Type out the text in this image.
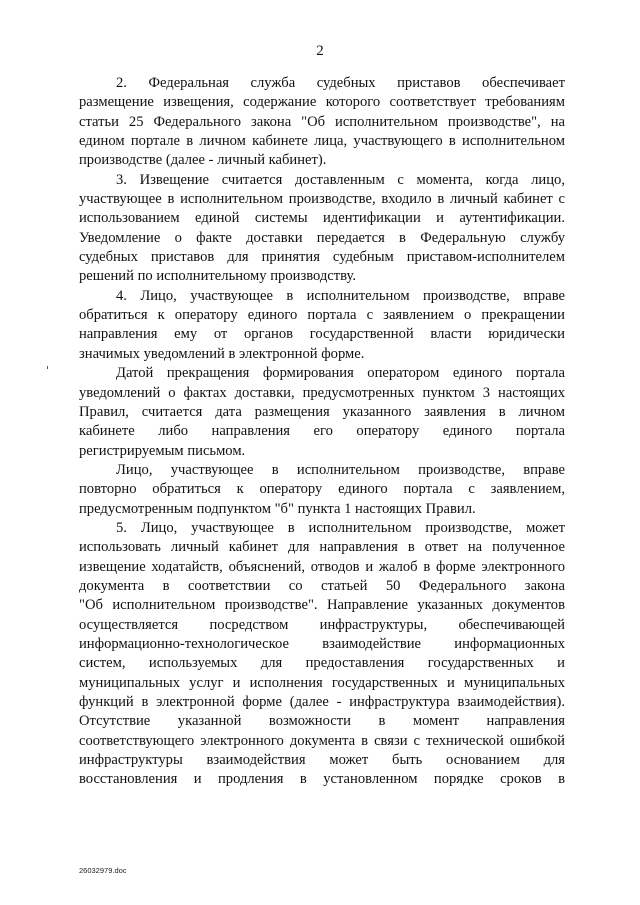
2

2. Федеральная служба судебных приставов обеспечивает
размещение извещения, содержание которого соответствует требованиям
статьи 25 Федерального закона "Об исполнительном производстве", на
едином портале в личном кабинете лица, участвующего в исполнительном
производстве (далее - личный кабинет).

3. Извещение считается доставленным с момента, когда лицо,
участвующее в исполнительном производстве, входило в личный кабинет с
использованием единой системы идентификации и аутентификации.
Уведомление о факте доставки передается в Федеральную службу
судебных приставов для принятия судебным приставом-исполнителем
решений по исполнительному производству.

4. Лицо, участвующее в исполнительном производстве, вправе
обратиться к оператору единого портала с заявлением о прекращении
направления ему от органов государственной власти юридически
значимых уведомлений в электронной форме.

Датой прекращения формирования оператором единого портала
уведомлений о фактах доставки, предусмотренных пунктом 3 настоящих
Правил, считается дата размещения указанного заявления в личном
кабинете либо направления его оператору единого портала
регистрируемым письмом.

Лицо, участвующее в исполнительном производстве, вправе
повторно обратиться к оператору единого портала с заявлением,
предусмотренным подпунктом "б" пункта 1 настоящих Правил.

5. Лицо, участвующее в исполнительном производстве, может
использовать личный кабинет для направления в ответ на полученное
извещение ходатайств, объяснений, отводов и жалоб в форме электронного
документа в соответствии со статьей 50 Федерального закона
"Об исполнительном производстве". Направление указанных документов
осуществляется посредством инфраструктуры, обеспечивающей
информационно-технологическое взаимодействие информационных
систем, используемых для предоставления государственных и
муниципальных услуг и исполнения государственных и муниципальных
функций в электронной форме (далее - инфраструктура взаимодействия).
Отсутствие указанной возможности в момент направления
соответствующего электронного документа в связи с технической ошибкой
инфраструктуры взаимодействия может быть основанием для
восстановления и продления в установленном порядке сроков в

26032979.doc
